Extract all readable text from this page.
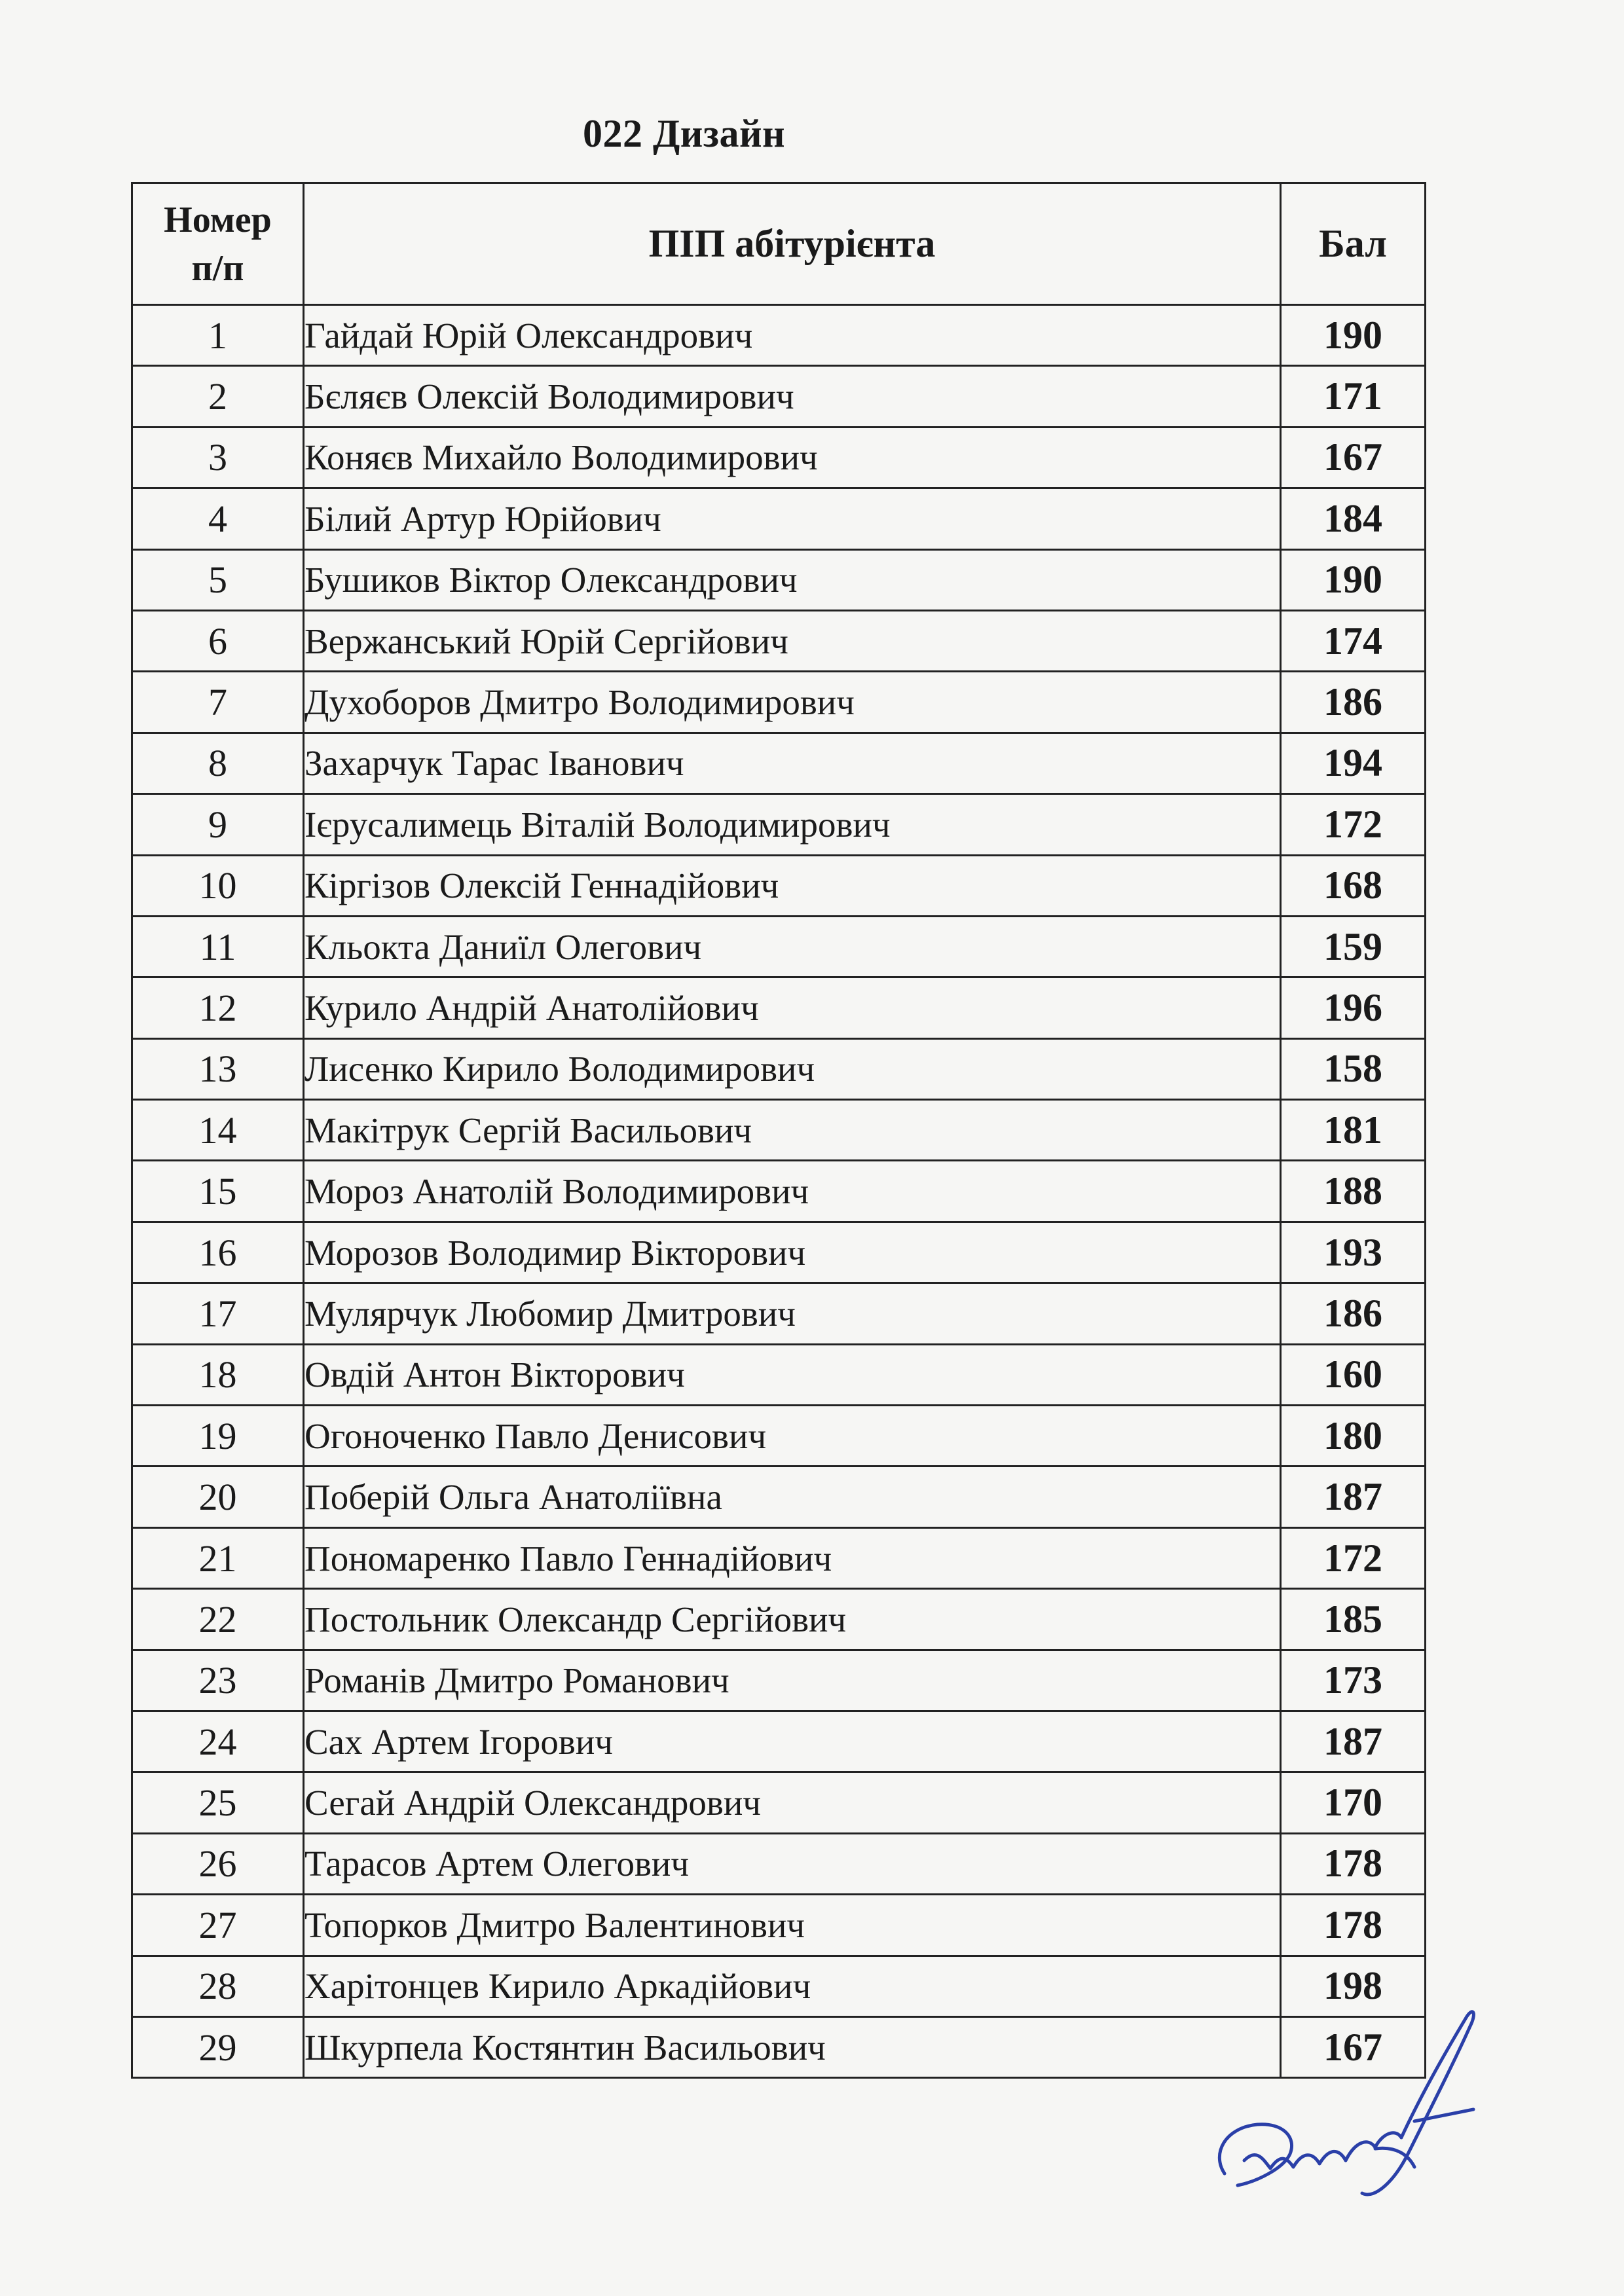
022 Дизайн
Номер
п/п	ПІП абітурієнта	Бал
1	Гайдай Юрій Олександрович	190
2	Бєляєв Олексій Володимирович	171
3	Коняєв Михайло Володимирович	167
4	Білий Артур Юрійович	184
5	Бушиков Віктор Олександрович	190
6	Вержанський Юрій Сергійович	174
7	Духоборов Дмитро Володимирович	186
8	Захарчук Тарас Іванович	194
9	Ієрусалимець Віталій Володимирович	172
10	Кіргізов Олексій Геннадійович	168
11	Кльокта Даниїл Олегович	159
12	Курило Андрій Анатолійович	196
13	Лисенко Кирило Володимирович	158
14	Макітрук Сергій Васильович	181
15	Мороз Анатолій Володимирович	188
16	Морозов Володимир Вікторович	193
17	Мулярчук Любомир Дмитрович	186
18	Овдій Антон Вікторович	160
19	Огоноченко Павло Денисович	180
20	Поберій Ольга Анатоліївна	187
21	Пономаренко Павло Геннадійович	172
22	Постольник Олександр Сергійович	185
23	Романів Дмитро Романович	173
24	Сах Артем Ігорович	187
25	Сегай Андрій Олександрович	170
26	Тарасов Артем Олегович	178
27	Топорков Дмитро Валентинович	178
28	Харітонцев Кирило Аркадійович	198
29	Шкурпела Костянтин Васильович	167
